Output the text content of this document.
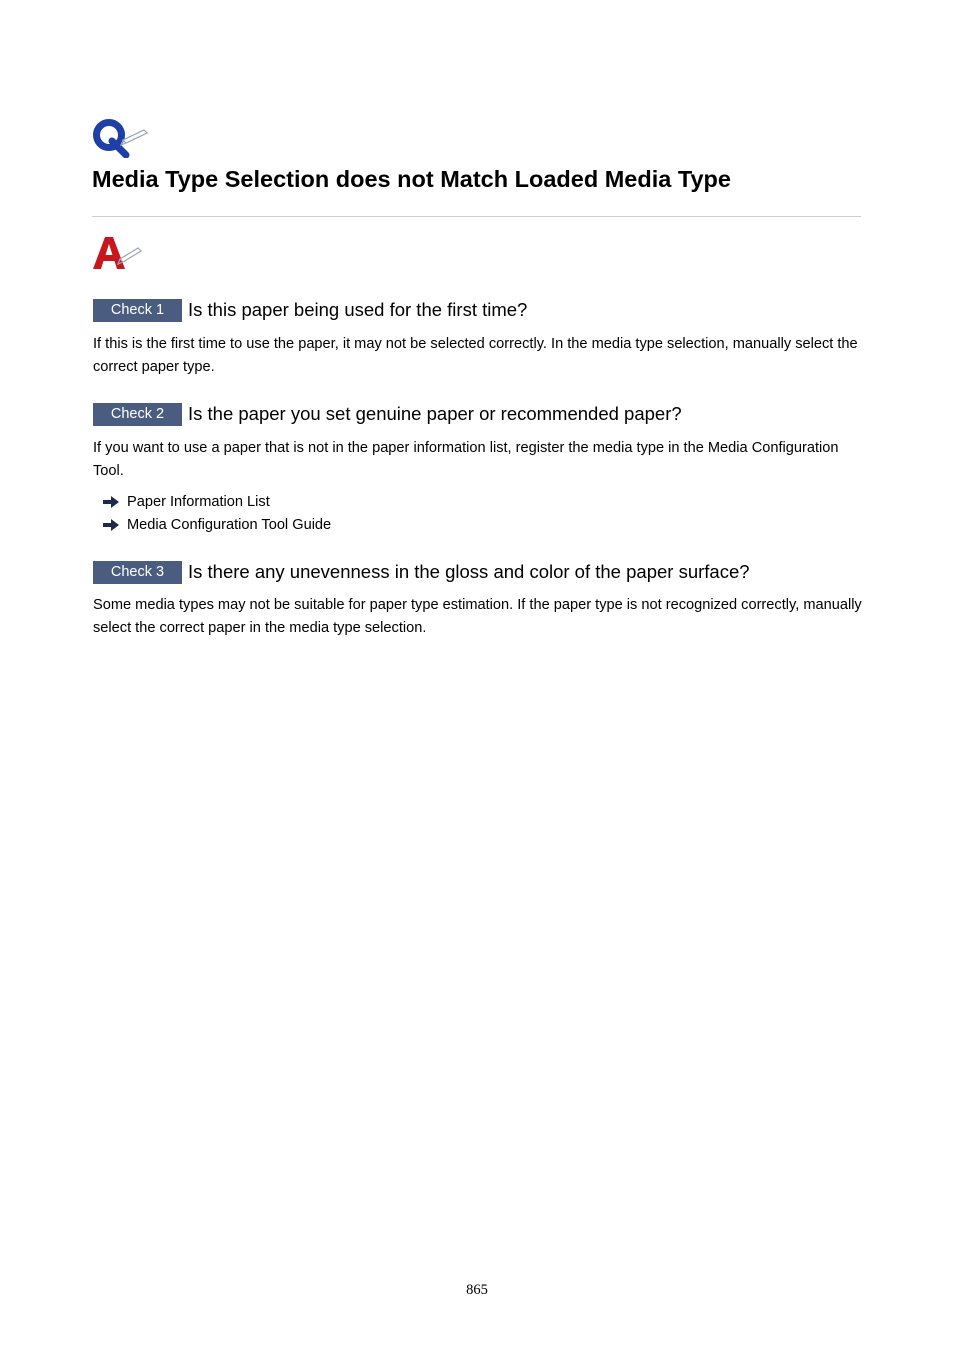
Media Type Selection does not Match Loaded Media Type
Check 1	Is this paper being used for the first time?

If this is the first time to use the paper, it may not be selected correctly. In the media type selection, manually select the correct paper type.

Check 2	Is the paper you set genuine paper or recommended paper?

If you want to use a paper that is not in the paper information list, register the media type in the Media Configuration Tool.

Paper Information List
Media Configuration Tool Guide
Check 3	Is there any unevenness in the gloss and color of the paper surface?

Some media types may not be suitable for paper type estimation. If the paper type is not recognized correctly, manually select the correct paper in the media type selection.

865
